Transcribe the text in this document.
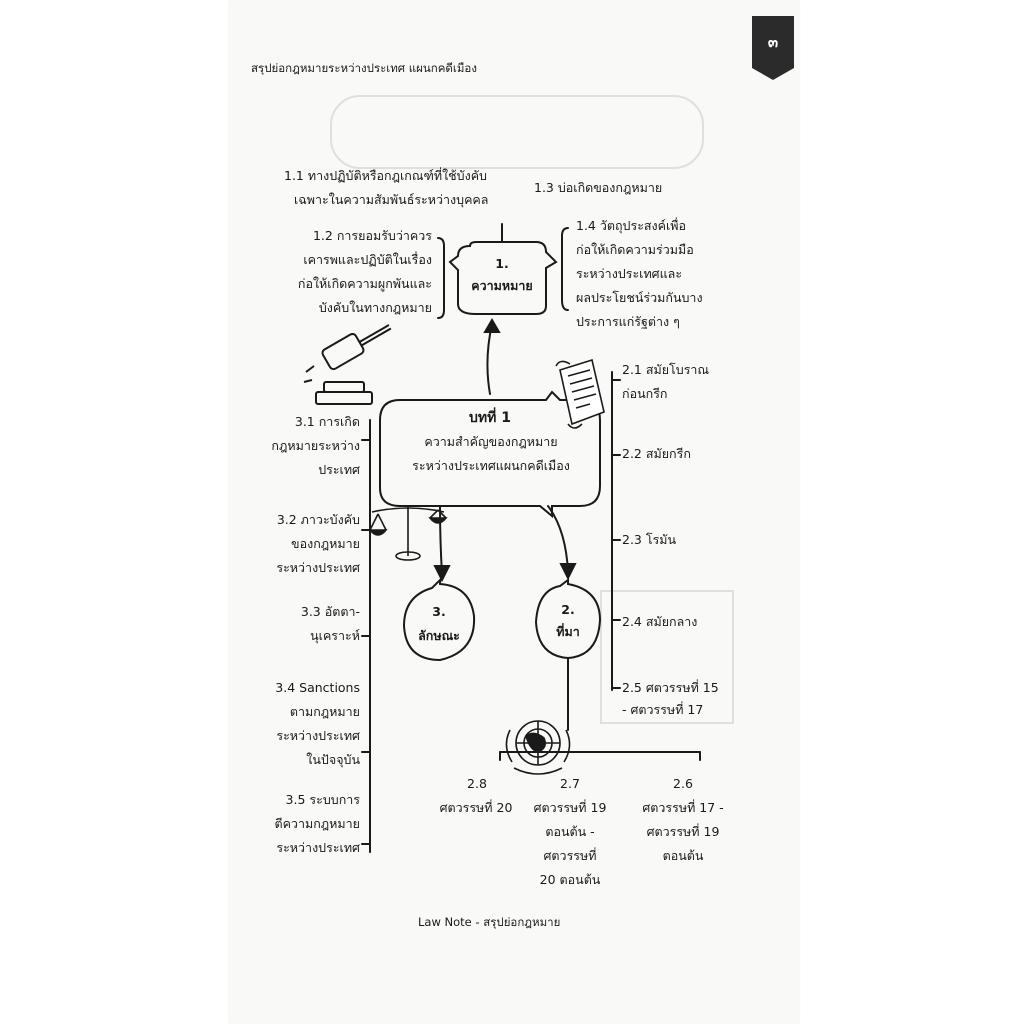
๓
สรุปย่อกฎหมายระหว่างประเทศ แผนกคดีเมือง
บทที่ 1
ความสำคัญของกฎหมาย
ระหว่างประเทศแผนกคดีเมือง
1.
ความหมาย
2.
ที่มา
3.
ลักษณะ
1.1 ทางปฏิบัติหรือกฎเกณฑ์ที่ใช้บังคับ
เฉพาะในความสัมพันธ์ระหว่างบุคคล
1.3 บ่อเกิดของกฎหมาย
1.2 การยอมรับว่าควร
เคารพและปฏิบัติในเรื่อง
ก่อให้เกิดความผูกพันและ
บังคับในทางกฎหมาย
1.4 วัตถุประสงค์เพื่อ
ก่อให้เกิดความร่วมมือ
ระหว่างประเทศและ
ผลประโยชน์ร่วมกันบาง
ประการแก่รัฐต่าง ๆ
2.1 สมัยโบราณ
ก่อนกรีก
2.2 สมัยกรีก
2.3 โรมัน
2.4 สมัยกลาง
2.5 ศตวรรษที่ 15
- ศตวรรษที่ 17
2.8
ศตวรรษที่ 20
2.7
ศตวรรษที่ 19
ตอนต้น -
ศตวรรษที่
20 ตอนต้น
2.6
ศตวรรษที่ 17 -
ศตวรรษที่ 19
ตอนต้น
3.1 การเกิด
กฎหมายระหว่าง
ประเทศ
3.2 ภาวะบังคับ
ของกฎหมาย
ระหว่างประเทศ
3.3 อัตตา-
นุเคราะห์
3.4 Sanctions
ตามกฎหมาย
ระหว่างประเทศ
ในปัจจุบัน
3.5 ระบบการ
ตีความกฎหมาย
ระหว่างประเทศ
Law Note - สรุปย่อกฎหมาย
